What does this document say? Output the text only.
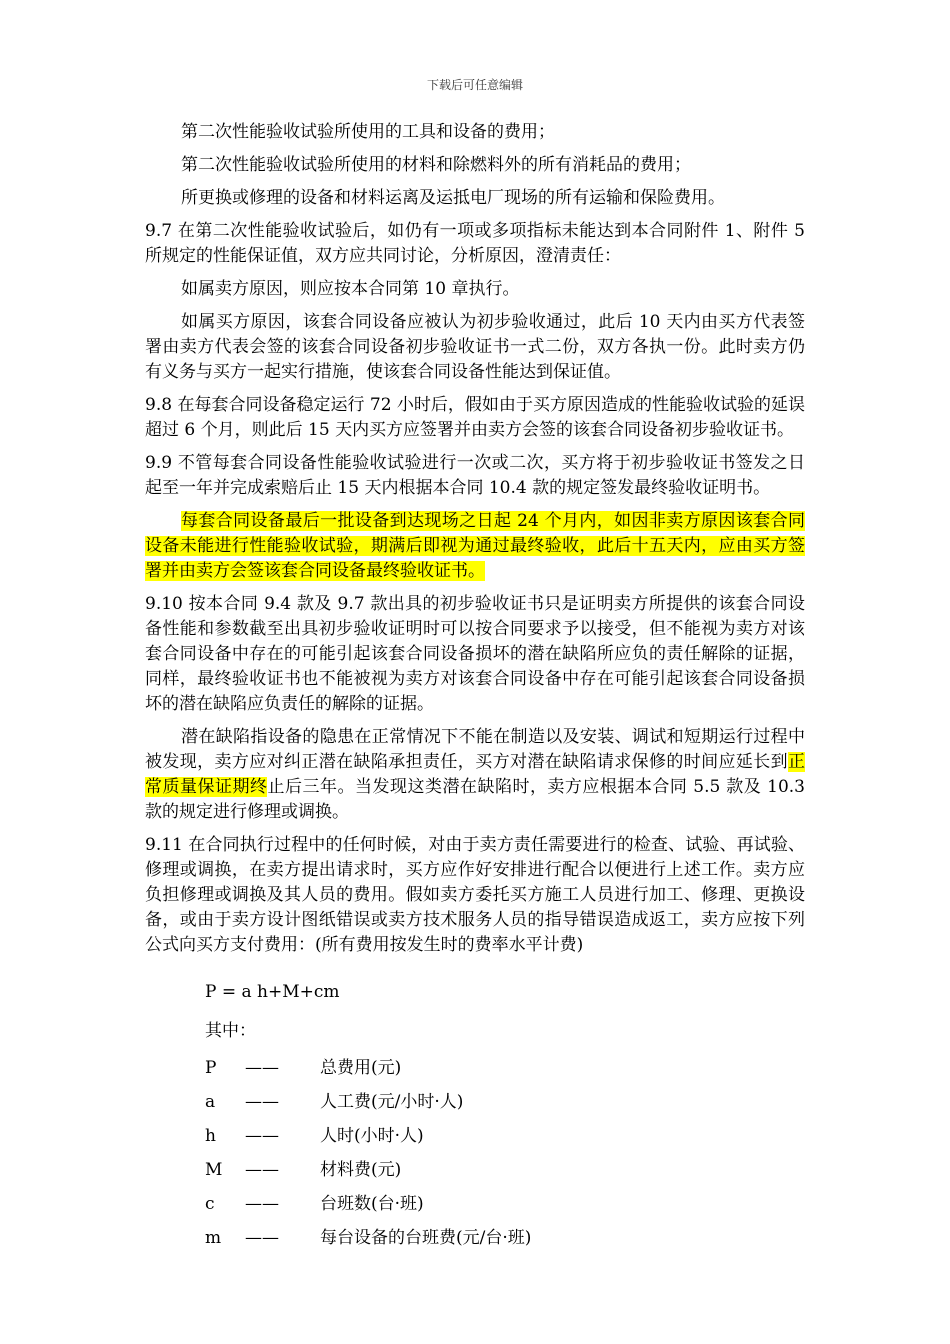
下载后可任意编辑

第二次性能验收试验所使用的工具和设备的费用；

第二次性能验收试验所使用的材料和除燃料外的所有消耗品的费用；

所更换或修理的设备和材料运离及运抵电厂现场的所有运输和保险费用。

9.7 在第二次性能验收试验后，如仍有一项或多项指标未能达到本合同附件 1、附件 5 所规定的性能保证值，双方应共同讨论，分析原因，澄清责任：

如属卖方原因，则应按本合同第 10 章执行。

如属买方原因，该套合同设备应被认为初步验收通过，此后 10 天内由买方代表签署由卖方代表会签的该套合同设备初步验收证书一式二份，双方各执一份。此时卖方仍有义务与买方一起实行措施，使该套合同设备性能达到保证值。

9.8 在每套合同设备稳定运行 72 小时后，假如由于买方原因造成的性能验收试验的延误超过 6 个月，则此后 15 天内买方应签署并由卖方会签的该套合同设备初步验收证书。

9.9 不管每套合同设备性能验收试验进行一次或二次，买方将于初步验收证书签发之日起至一年并完成索赔后止 15 天内根据本合同 10.4 款的规定签发最终验收证明书。

每套合同设备最后一批设备到达现场之日起 24 个月内，如因非卖方原因该套合同设备未能进行性能验收试验，期满后即视为通过最终验收，此后十五天内，应由买方签署并由卖方会签该套合同设备最终验收证书。

9.10 按本合同 9.4 款及 9.7 款出具的初步验收证书只是证明卖方所提供的该套合同设备性能和参数截至出具初步验收证明时可以按合同要求予以接受，但不能视为卖方对该套合同设备中存在的可能引起该套合同设备损坏的潜在缺陷所应负的责任解除的证据，同样，最终验收证书也不能被视为卖方对该套合同设备中存在可能引起该套合同设备损坏的潜在缺陷应负责任的解除的证据。

潜在缺陷指设备的隐患在正常情况下不能在制造以及安装、调试和短期运行过程中被发现，卖方应对纠正潜在缺陷承担责任，买方对潜在缺陷请求保修的时间应延长到正常质量保证期终止后三年。当发现这类潜在缺陷时，卖方应根据本合同 5.5 款及 10.3 款的规定进行修理或调换。

9.11 在合同执行过程中的任何时候，对由于卖方责任需要进行的检查、试验、再试验、修理或调换，在卖方提出请求时，买方应作好安排进行配合以便进行上述工作。卖方应负担修理或调换及其人员的费用。假如卖方委托买方施工人员进行加工、修理、更换设备，或由于卖方设计图纸错误或卖方技术服务人员的指导错误造成返工，卖方应按下列公式向买方支付费用：(所有费用按发生时的费率水平计费)

P = a h+M+cm
其中：
P	——	总费用(元)
a	——	人工费(元/小时·人)
h	——	人时(小时·人)
M	——	材料费(元)
c	——	台班数(台·班)
m	——	每台设备的台班费(元/台·班)
